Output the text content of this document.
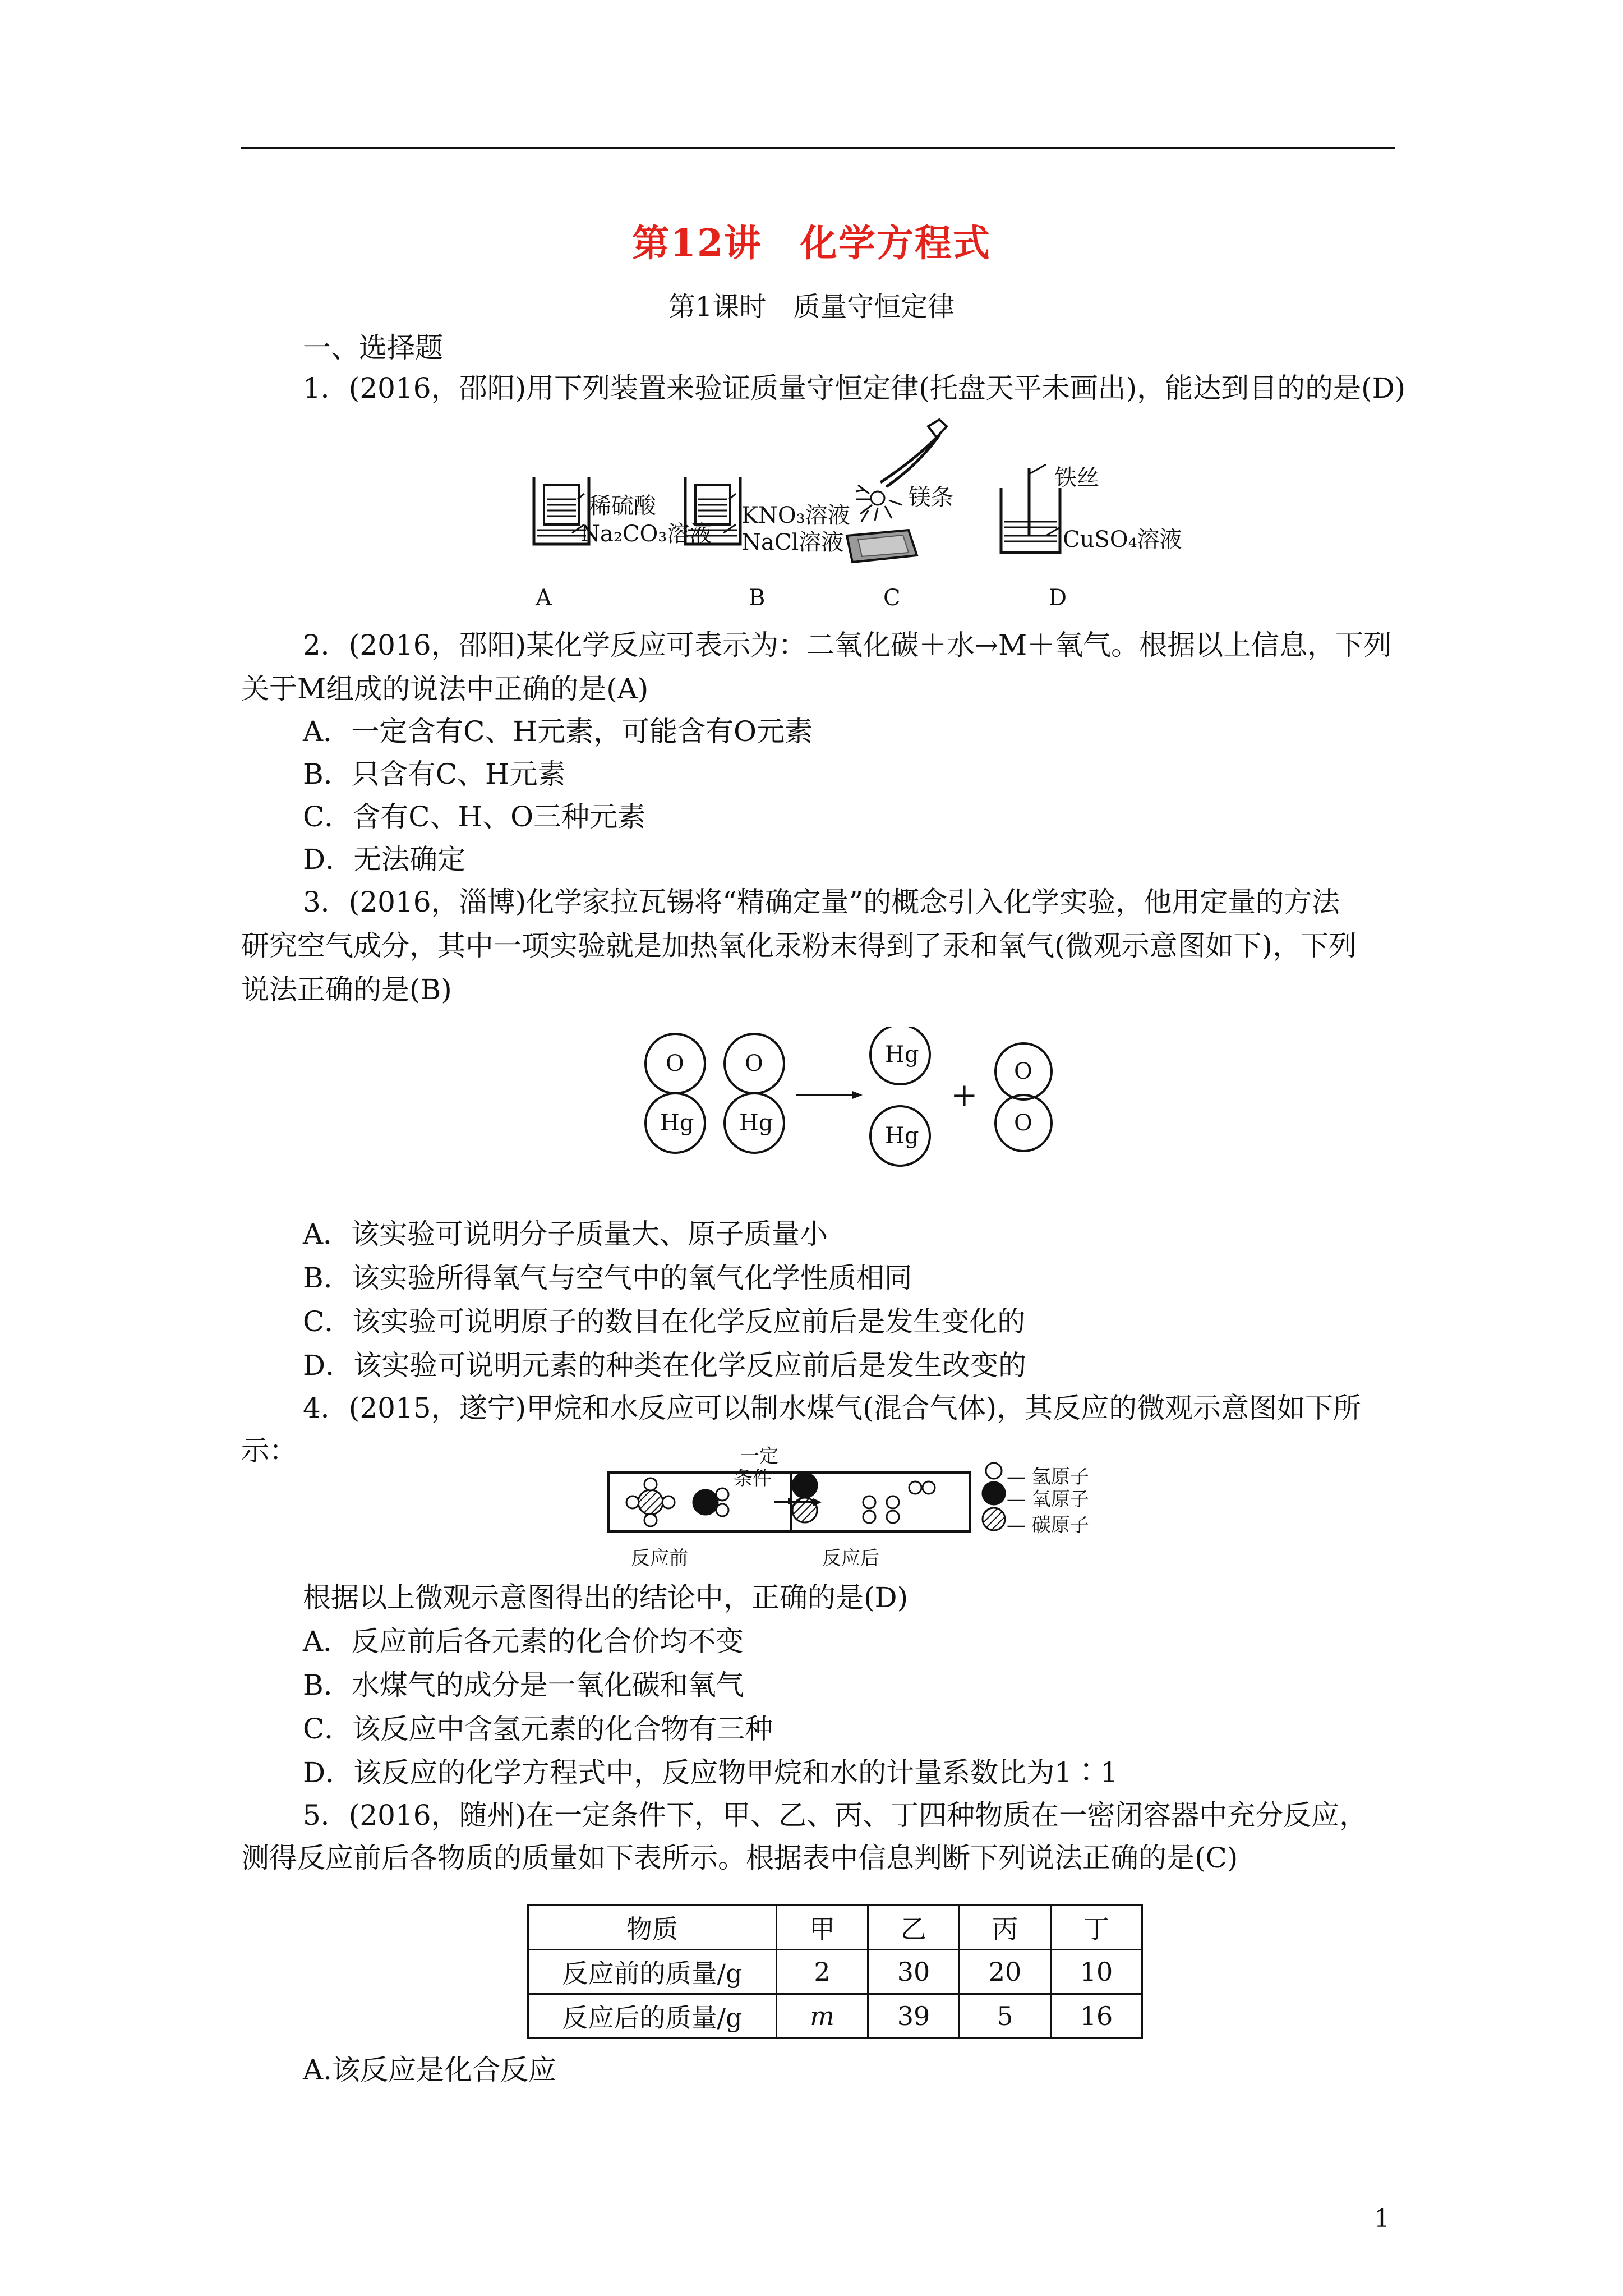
第12讲　化学方程式
第1课时　质量守恒定律
一、选择题
1．(2016，邵阳)用下列装置来验证质量守恒定律(托盘天平未画出)，能达到目的的是(D)
稀硫酸
Na₂CO₃溶液
KNO₃溶液
NaCl溶液
镁条
铁丝
CuSO₄溶液
A	B	C	D
2．(2016，邵阳)某化学反应可表示为：二氧化碳＋水→M＋氧气。根据以上信息，下列
关于M组成的说法中正确的是(A)
A．一定含有C、H元素，可能含有O元素
B．只含有C、H元素
C．含有C、H、O三种元素
D．无法确定
3．(2016，淄博)化学家拉瓦锡将“精确定量”的概念引入化学实验，他用定量的方法
研究空气成分，其中一项实验就是加热氧化汞粉末得到了汞和氧气(微观示意图如下)，下列
说法正确的是(B)
O
Hg
O
Hg
Hg
Hg
+
O
O
A．该实验可说明分子质量大、原子质量小
B．该实验所得氧气与空气中的氧气化学性质相同
C．该实验可说明原子的数目在化学反应前后是发生变化的
D．该实验可说明元素的种类在化学反应前后是发生改变的
4．(2015，遂宁)甲烷和水反应可以制水煤气(混合气体)，其反应的微观示意图如下所
示：	一定
条件	— 氢原子
— 氧原子
— 碳原子
反应前	反应后
根据以上微观示意图得出的结论中，正确的是(D)
A．反应前后各元素的化合价均不变
B．水煤气的成分是一氧化碳和氧气
C．该反应中含氢元素的化合物有三种
D．该反应的化学方程式中，反应物甲烷和水的计量系数比为1∶1
5．(2016，随州)在一定条件下，甲、乙、丙、丁四种物质在一密闭容器中充分反应，
测得反应前后各物质的质量如下表所示。根据表中信息判断下列说法正确的是(C)
物质	甲	乙	丙	丁
反应前的质量/g	2	30	20	10
反应后的质量/g	m	39	5	16
A.该反应是化合反应
1
